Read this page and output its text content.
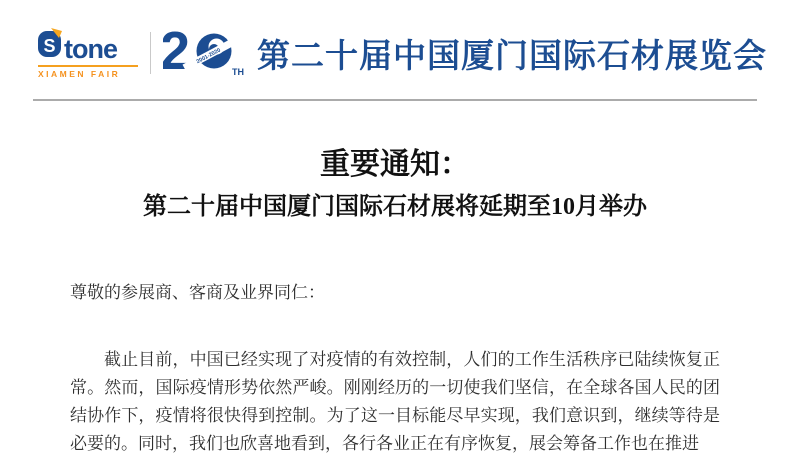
S tone
XIAMEN FAIR 2 2001-2020
TH 第二十届中国厦门国际石材展览会
重要通知：
第二十届中国厦门国际石材展将延期至10月举办
尊敬的参展商、客商及业界同仁：

截止目前，中国已经实现了对疫情的有效控制，人们的工作生活秩序已陆续恢复正常。然而，国际疫情形势依然严峻。刚刚经历的一切使我们坚信，在全球各国人民的团结协作下，疫情将很快得到控制。为了这一目标能尽早实现，我们意识到，继续等待是必要的。同时，我们也欣喜地看到，各行各业正在有序恢复，展会筹备工作也在推进
